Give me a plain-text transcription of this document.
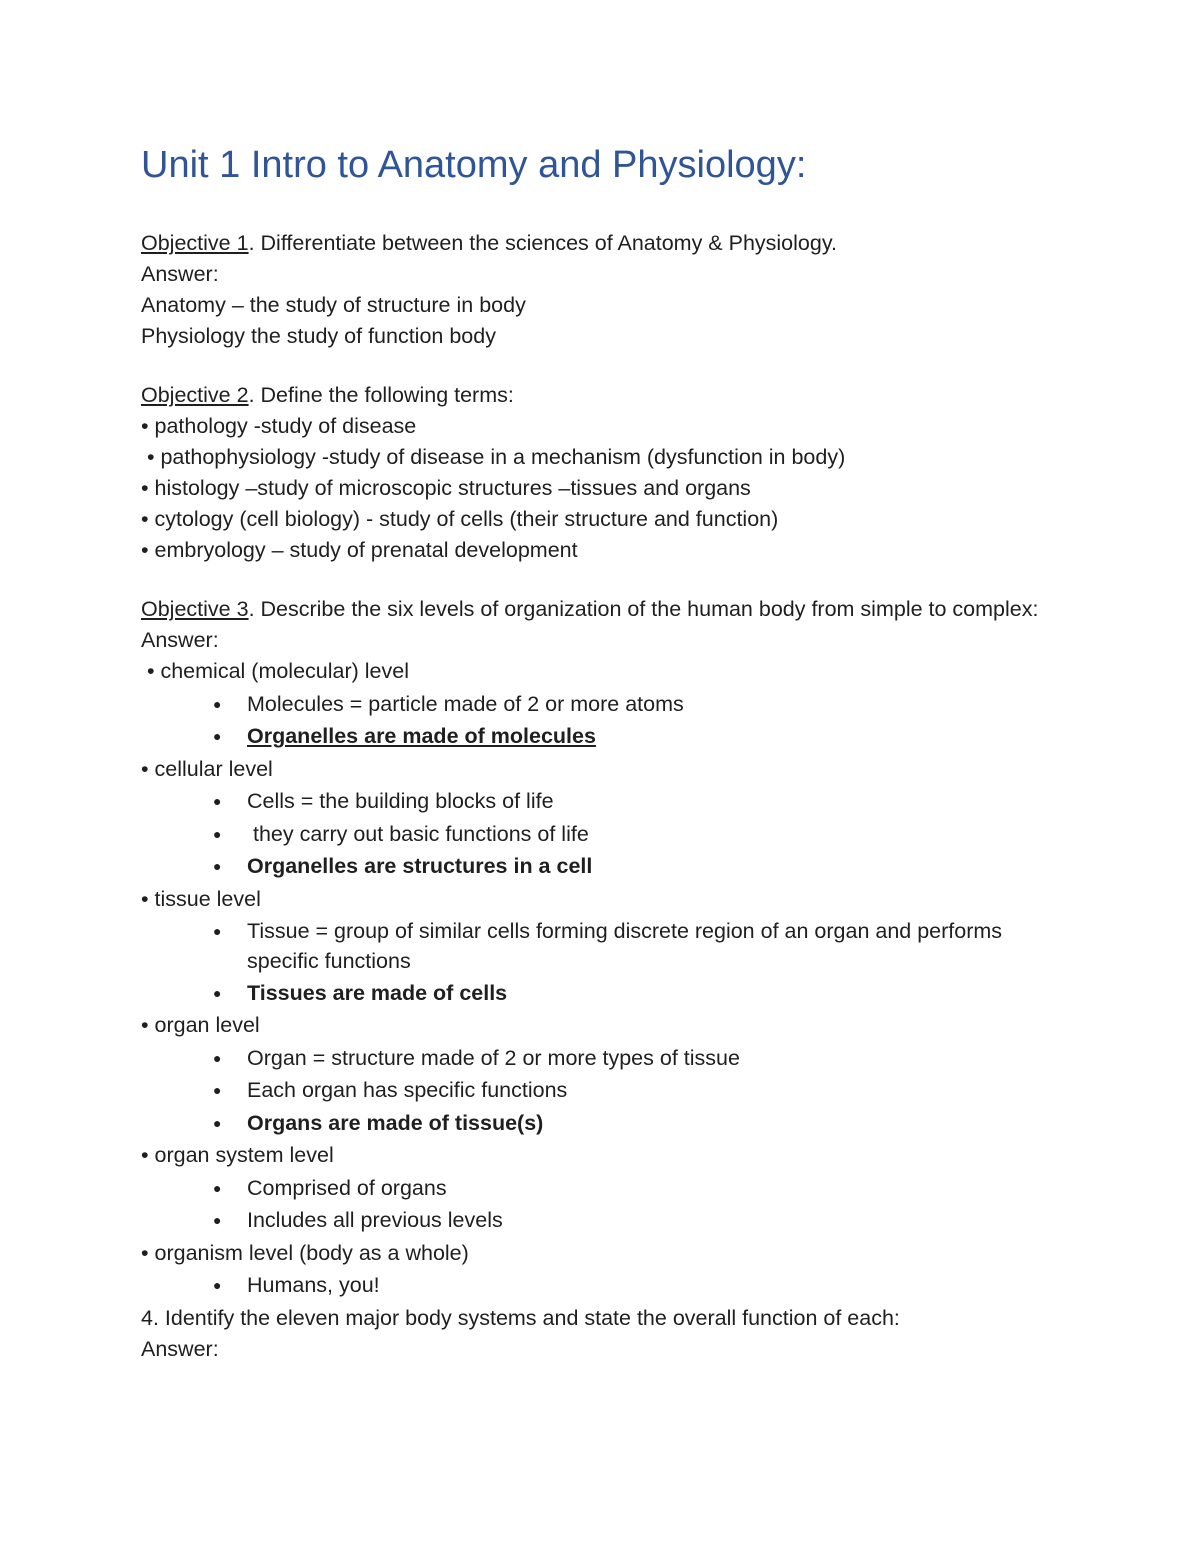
Unit 1 Intro to Anatomy and Physiology:

Objective 1. Differentiate between the sciences of Anatomy & Physiology.

Answer:

Anatomy – the study of structure in body

Physiology the study of function body

Objective 2. Define the following terms:

• pathology -study of disease

• pathophysiology -study of disease in a mechanism (dysfunction in body)

• histology –study of microscopic structures –tissues and organs

• cytology (cell biology) - study of cells (their structure and function)

• embryology – study of prenatal development

Objective 3. Describe the six levels of organization of the human body from simple to complex:

Answer:

• chemical (molecular) level

● Molecules = particle made of 2 or more atoms
● Organelles are made of molecules

• cellular level

● Cells = the building blocks of life
● they carry out basic functions of life
● Organelles are structures in a cell

• tissue level

● Tissue = group of similar cells forming discrete region of an organ and performs specific functions
● Tissues are made of cells

• organ level

● Organ = structure made of 2 or more types of tissue
● Each organ has specific functions
● Organs are made of tissue(s)

• organ system level

● Comprised of organs
● Includes all previous levels

• organism level (body as a whole)

● Humans, you!

4. Identify the eleven major body systems and state the overall function of each:

Answer:
